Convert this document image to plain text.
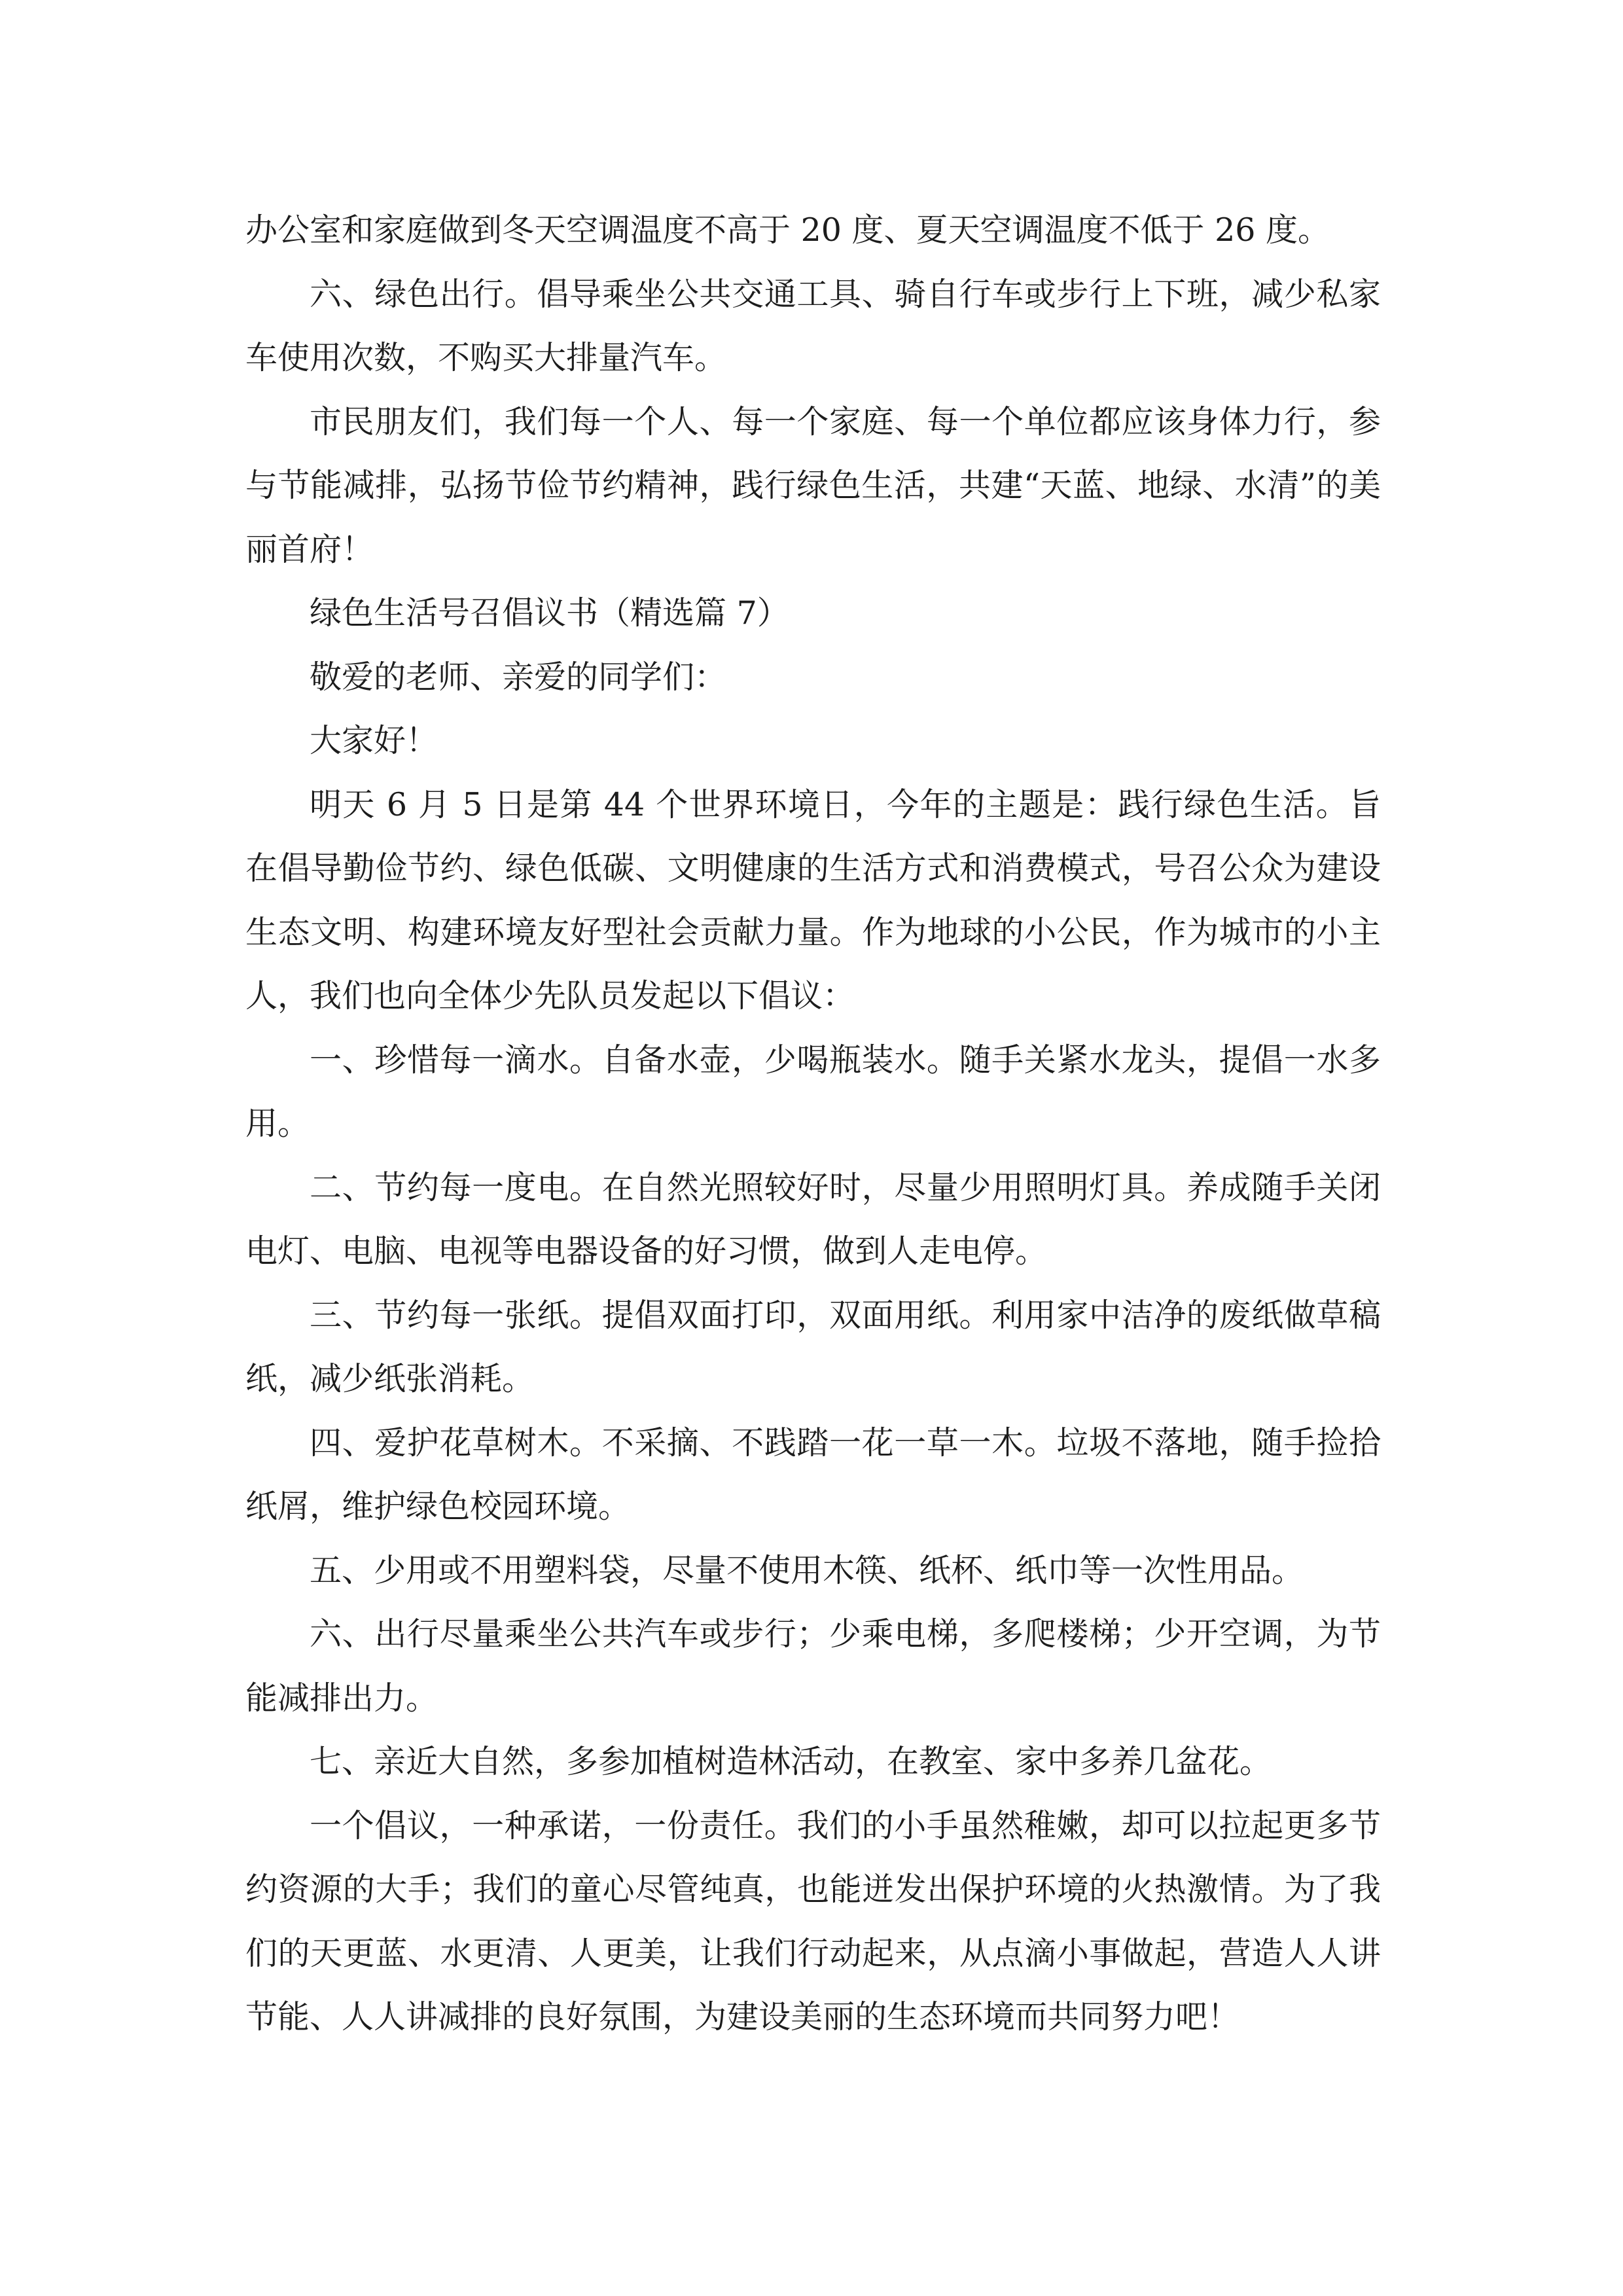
办公室和家庭做到冬天空调温度不高于 20 度、夏天空调温度不低于 26 度。

六、绿色出行。倡导乘坐公共交通工具、骑自行车或步行上下班，减少私家车使用次数，不购买大排量汽车。

市民朋友们，我们每一个人、每一个家庭、每一个单位都应该身体力行，参与节能减排，弘扬节俭节约精神，践行绿色生活，共建“天蓝、地绿、水清”的美丽首府！

绿色生活号召倡议书（精选篇 7）

敬爱的老师、亲爱的同学们：

大家好！

明天 6 月 5 日是第 44 个世界环境日，今年的主题是：践行绿色生活。旨在倡导勤俭节约、绿色低碳、文明健康的生活方式和消费模式，号召公众为建设生态文明、构建环境友好型社会贡献力量。作为地球的小公民，作为城市的小主人，我们也向全体少先队员发起以下倡议：

一、珍惜每一滴水。自备水壶，少喝瓶装水。随手关紧水龙头，提倡一水多用。

二、节约每一度电。在自然光照较好时，尽量少用照明灯具。养成随手关闭电灯、电脑、电视等电器设备的好习惯，做到人走电停。

三、节约每一张纸。提倡双面打印，双面用纸。利用家中洁净的废纸做草稿纸，减少纸张消耗。

四、爱护花草树木。不采摘、不践踏一花一草一木。垃圾不落地，随手捡拾纸屑，维护绿色校园环境。

五、少用或不用塑料袋，尽量不使用木筷、纸杯、纸巾等一次性用品。

六、出行尽量乘坐公共汽车或步行；少乘电梯，多爬楼梯；少开空调，为节能减排出力。

七、亲近大自然，多参加植树造林活动，在教室、家中多养几盆花。

一个倡议，一种承诺，一份责任。我们的小手虽然稚嫩，却可以拉起更多节约资源的大手；我们的童心尽管纯真，也能迸发出保护环境的火热激情。为了我们的天更蓝、水更清、人更美，让我们行动起来，从点滴小事做起，营造人人讲节能、人人讲减排的良好氛围，为建设美丽的生态环境而共同努力吧！
